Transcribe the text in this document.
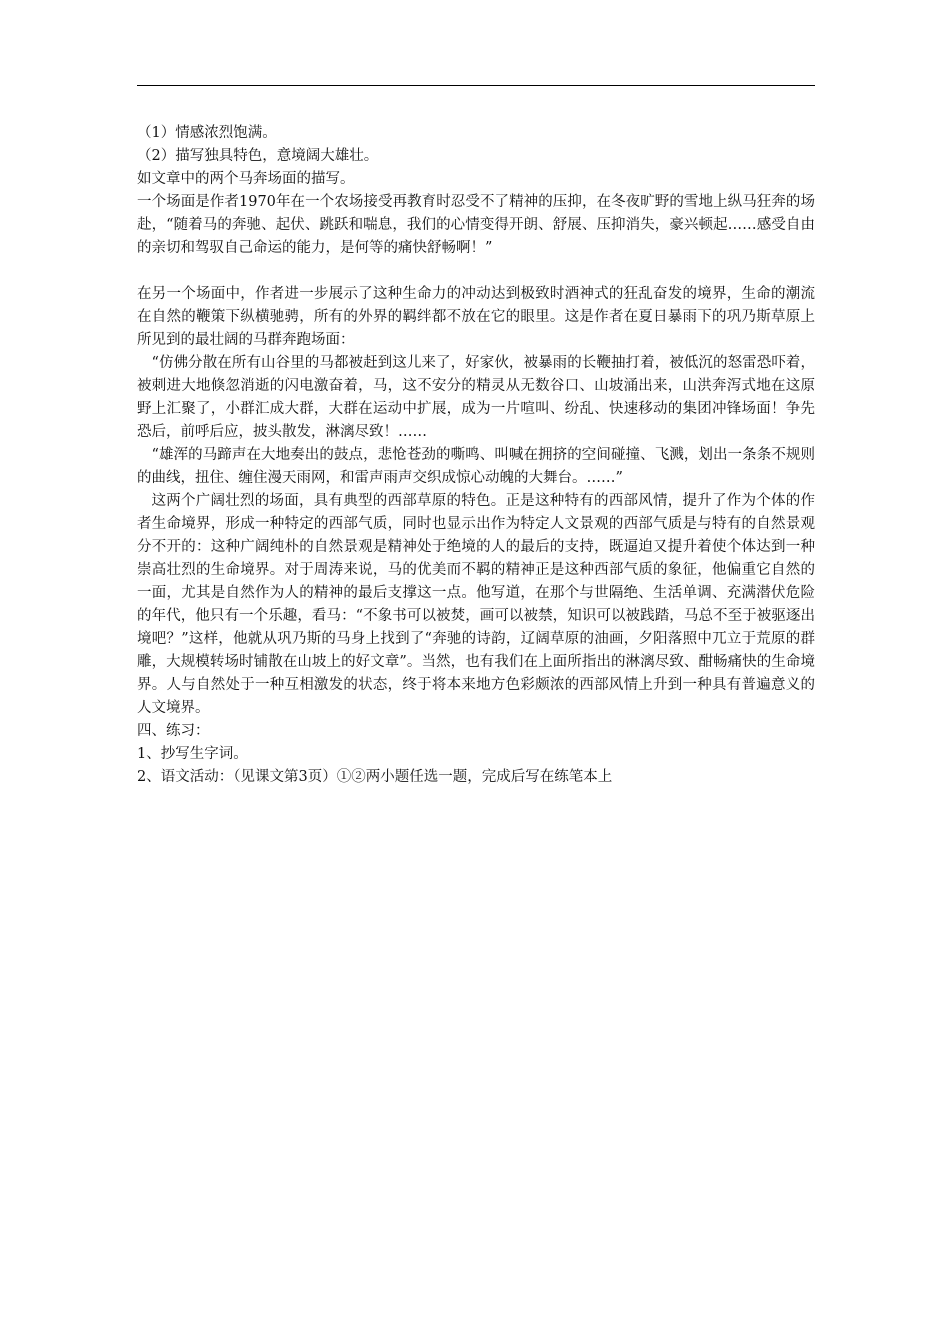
（1）情感浓烈饱满。

（2）描写独具特色，意境阔大雄壮。

如文章中的两个马奔场面的描写。

一个场面是作者1970年在一个农场接受再教育时忍受不了精神的压抑，在冬夜旷野的雪地上纵马狂奔的场赴，“随着马的奔驰、起伏、跳跃和喘息，我们的心情变得开朗、舒展、压抑消失，豪兴顿起……感受自由的亲切和驾驭自己命运的能力，是何等的痛快舒畅啊！”

在另一个场面中，作者进一步展示了这种生命力的冲动达到极致时酒神式的狂乱奋发的境界，生命的潮流在自然的鞭策下纵横驰骋，所有的外界的羁绊都不放在它的眼里。这是作者在夏日暴雨下的巩乃斯草原上所见到的最壮阔的马群奔跑场面：

“仿佛分散在所有山谷里的马都被赶到这儿来了，好家伙，被暴雨的长鞭抽打着，被低沉的怒雷恐吓着，被刺进大地倏忽消逝的闪电激奋着，马，这不安分的精灵从无数谷口、山坡涌出来，山洪奔泻式地在这原野上汇聚了，小群汇成大群，大群在运动中扩展，成为一片喧叫、纷乱、快速移动的集团冲锋场面！争先恐后，前呼后应，披头散发，淋漓尽致！……

“雄浑的马蹄声在大地奏出的鼓点，悲怆苍劲的嘶鸣、叫喊在拥挤的空间碰撞、飞溅，划出一条条不规则的曲线，扭住、缠住漫天雨网，和雷声雨声交织成惊心动魄的大舞台。……”

这两个广阔壮烈的场面，具有典型的西部草原的特色。正是这种特有的西部风情，提升了作为个体的作者生命境界，形成一种特定的西部气质，同时也显示出作为特定人文景观的西部气质是与特有的自然景观分不开的：这种广阔纯朴的自然景观是精神处于绝境的人的最后的支持，既逼迫又提升着使个体达到一种崇高壮烈的生命境界。对于周涛来说，马的优美而不羁的精神正是这种西部气质的象征，他偏重它自然的一面，尤其是自然作为人的精神的最后支撑这一点。他写道，在那个与世隔绝、生活单调、充满潜伏危险的年代，他只有一个乐趣，看马：“不象书可以被焚，画可以被禁，知识可以被践踏，马总不至于被驱逐出境吧？”这样，他就从巩乃斯的马身上找到了“奔驰的诗韵，辽阔草原的油画，夕阳落照中兀立于荒原的群雕，大规模转场时铺散在山坡上的好文章”。当然，也有我们在上面所指出的淋漓尽致、酣畅痛快的生命境界。人与自然处于一种互相激发的状态，终于将本来地方色彩颇浓的西部风情上升到一种具有普遍意义的人文境界。

四、练习：

1、抄写生字词。

2、语文活动：（见课文第3页）①②两小题任选一题，完成后写在练笔本上
